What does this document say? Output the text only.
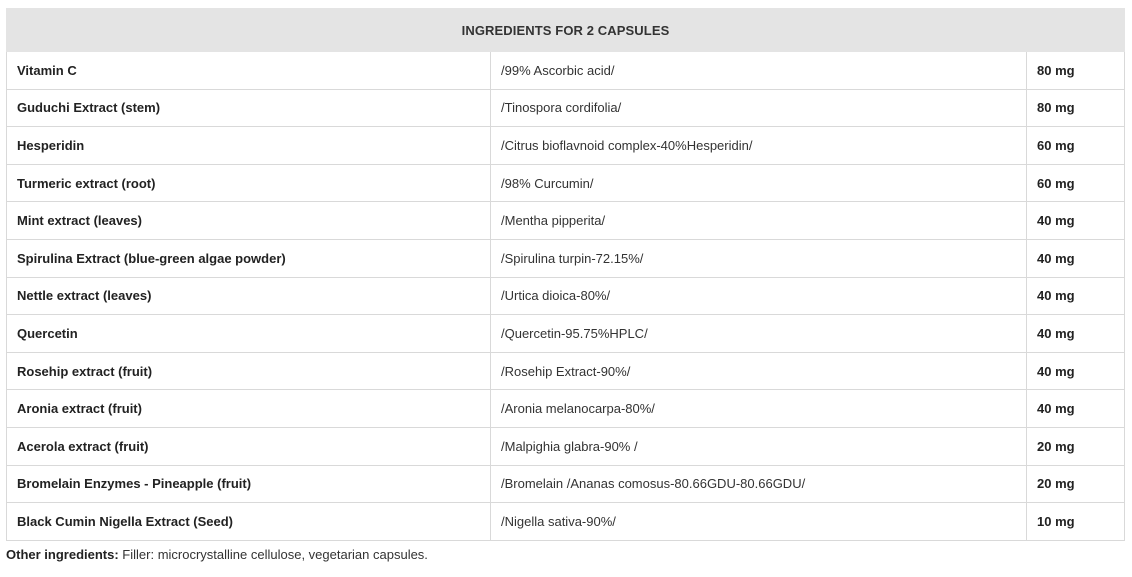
INGREDIENTS FOR 2 CAPSULES		
Vitamin C	/99% Ascorbic acid/	80 mg
Guduchi Extract (stem)	/Tinospora cordifolia/	80 mg
Hesperidin	/Citrus bioflavnoid complex-40%Hesperidin/	60 mg
Turmeric extract (root)	/98% Curcumin/	60 mg
Mint extract (leaves)	/Mentha pipperita/	40 mg
Spirulina Extract (blue-green algae powder)	/Spirulina turpin-72.15%/	40 mg
Nettle extract (leaves)	/Urtica dioica-80%/	40 mg
Quercetin	/Quercetin-95.75%HPLC/	40 mg
Rosehip extract (fruit)	/Rosehip Extract-90%/	40 mg
Aronia extract (fruit)	/Aronia melanocarpa-80%/	40 mg
Acerola extract (fruit)	/Malpighia glabra-90% /	20 mg
Bromelain Enzymes - Pineapple (fruit)	/Bromelain /Ananas comosus-80.66GDU-80.66GDU/	20 mg
Black Cumin Nigella Extract (Seed)	/Nigella sativa-90%/	10 mg
Other ingredients: Filler: microcrystalline cellulose, vegetarian capsules.
